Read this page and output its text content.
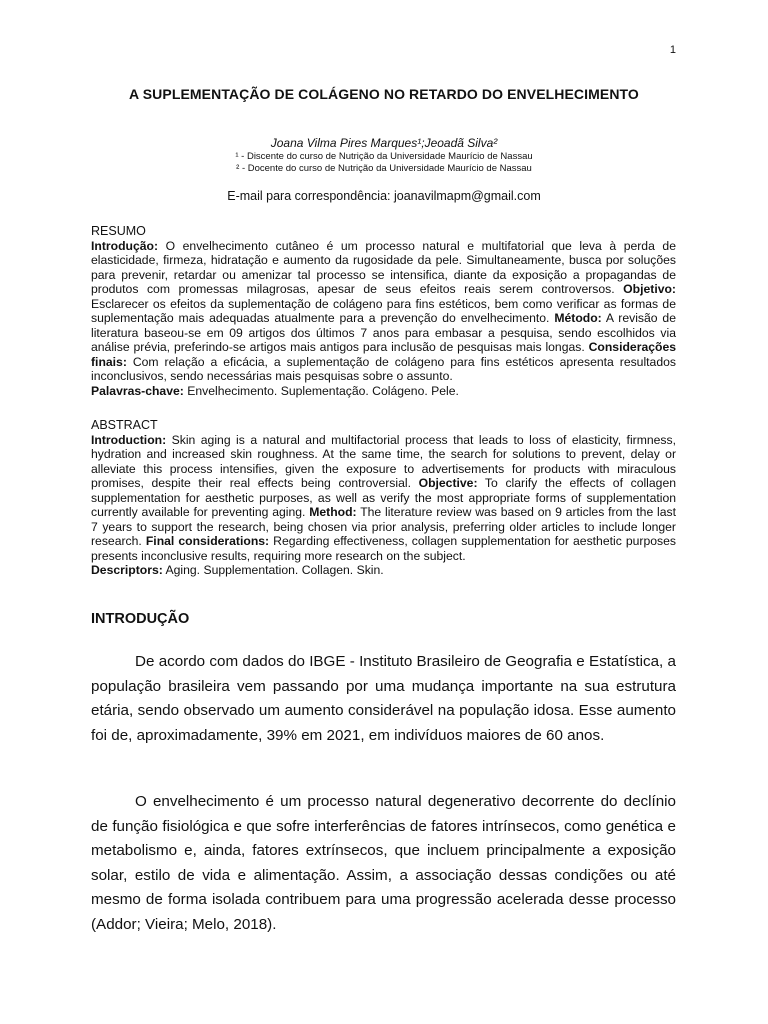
1
A SUPLEMENTAÇÃO DE COLÁGENO NO RETARDO DO ENVELHECIMENTO
Joana Vilma Pires Marques¹;Jeoadã Silva²
¹ - Discente do curso de Nutrição da Universidade Maurício de Nassau
² - Docente do curso de Nutrição da Universidade Maurício de Nassau
E-mail para correspondência: joanavilmapm@gmail.com
RESUMO
Introdução: O envelhecimento cutâneo é um processo natural e multifatorial que leva à perda de elasticidade, firmeza, hidratação e aumento da rugosidade da pele. Simultaneamente, busca por soluções para prevenir, retardar ou amenizar tal processo se intensifica, diante da exposição a propagandas de produtos com promessas milagrosas, apesar de seus efeitos reais serem controversos. Objetivo: Esclarecer os efeitos da suplementação de colágeno para fins estéticos, bem como verificar as formas de suplementação mais adequadas atualmente para a prevenção do envelhecimento. Método: A revisão de literatura baseou-se em 09 artigos dos últimos 7 anos para embasar a pesquisa, sendo escolhidos via análise prévia, preferindo-se artigos mais antigos para inclusão de pesquisas mais longas. Considerações finais: Com relação a eficácia, a suplementação de colágeno para fins estéticos apresenta resultados inconclusivos, sendo necessárias mais pesquisas sobre o assunto.
Palavras-chave: Envelhecimento. Suplementação. Colágeno. Pele.
ABSTRACT
Introduction: Skin aging is a natural and multifactorial process that leads to loss of elasticity, firmness, hydration and increased skin roughness. At the same time, the search for solutions to prevent, delay or alleviate this process intensifies, given the exposure to advertisements for products with miraculous promises, despite their real effects being controversial. Objective: To clarify the effects of collagen supplementation for aesthetic purposes, as well as verify the most appropriate forms of supplementation currently available for preventing aging. Method: The literature review was based on 9 articles from the last 7 years to support the research, being chosen via prior analysis, preferring older articles to include longer research. Final considerations: Regarding effectiveness, collagen supplementation for aesthetic purposes presents inconclusive results, requiring more research on the subject.
Descriptors: Aging. Supplementation. Collagen. Skin.
INTRODUÇÃO
De acordo com dados do IBGE - Instituto Brasileiro de Geografia e Estatística, a população brasileira vem passando por uma mudança importante na sua estrutura etária, sendo observado um aumento considerável na população idosa. Esse aumento foi de, aproximadamente, 39% em 2021, em indivíduos maiores de 60 anos.
O envelhecimento é um processo natural degenerativo decorrente do declínio de função fisiológica e que sofre interferências de fatores intrínsecos, como genética e metabolismo e, ainda, fatores extrínsecos, que incluem principalmente a exposição solar, estilo de vida e alimentação. Assim, a associação dessas condições ou até mesmo de forma isolada contribuem para uma progressão acelerada desse processo (Addor; Vieira; Melo, 2018).
